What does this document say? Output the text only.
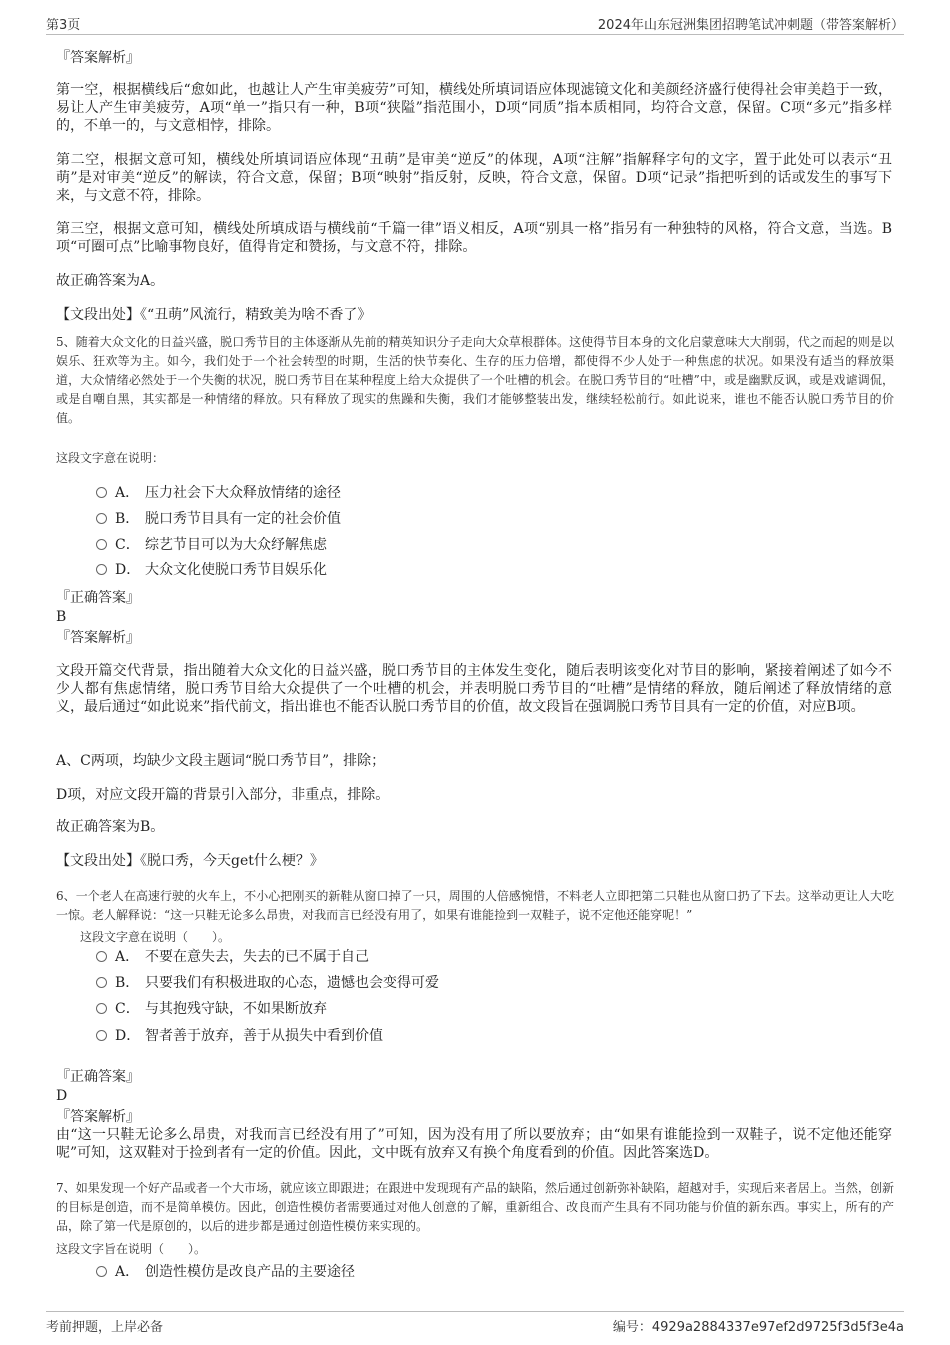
第3页	2024年山东冠洲集团招聘笔试冲刺题（带答案解析）
『答案解析』

第一空，根据横线后“愈如此，也越让人产生审美疲劳”可知，横线处所填词语应体现滤镜文化和美颜经济盛行使得社会审美趋于一致，易让人产生审美疲劳，A项“单一”指只有一种，B项“狭隘”指范围小，D项“同质”指本质相同，均符合文意，保留。C项“多元”指多样的，不单一的，与文意相悖，排除。

第二空，根据文意可知，横线处所填词语应体现“丑萌”是审美“逆反”的体现，A项“注解”指解释字句的文字，置于此处可以表示“丑萌”是对审美“逆反”的解读，符合文意，保留；B项“映射”指反射，反映，符合文意，保留。D项“记录”指把听到的话或发生的事写下来，与文意不符，排除。

第三空，根据文意可知，横线处所填成语与横线前“千篇一律”语义相反，A项“别具一格”指另有一种独特的风格，符合文意，当选。B项“可圈可点”比喻事物良好，值得肯定和赞扬，与文意不符，排除。

故正确答案为A。

【文段出处】《“丑萌”风流行，精致美为啥不香了》

5、随着大众文化的日益兴盛，脱口秀节目的主体逐渐从先前的精英知识分子走向大众草根群体。这使得节目本身的文化启蒙意味大大削弱，代之而起的则是以娱乐、狂欢等为主。如今，我们处于一个社会转型的时期，生活的快节奏化、生存的压力倍增，都使得不少人处于一种焦虑的状况。如果没有适当的释放渠道，大众情绪必然处于一个失衡的状况，脱口秀节目在某种程度上给大众提供了一个吐槽的机会。在脱口秀节目的“吐槽”中，或是幽默反讽，或是戏谑调侃，或是自嘲自黑，其实都是一种情绪的释放。只有释放了现实的焦躁和失衡，我们才能够整装出发，继续轻松前行。如此说来，谁也不能否认脱口秀节目的价值。

这段文字意在说明：

A． 压力社会下大众释放情绪的途径
B． 脱口秀节目具有一定的社会价值
C． 综艺节目可以为大众纾解焦虑
D． 大众文化使脱口秀节目娱乐化
『正确答案』
B
『答案解析』

文段开篇交代背景，指出随着大众文化的日益兴盛，脱口秀节目的主体发生变化，随后表明该变化对节目的影响，紧接着阐述了如今不少人都有焦虑情绪，脱口秀节目给大众提供了一个吐槽的机会，并表明脱口秀节目的“吐槽”是情绪的释放，随后阐述了释放情绪的意义，最后通过“如此说来”指代前文，指出谁也不能否认脱口秀节目的价值，故文段旨在强调脱口秀节目具有一定的价值，对应B项。

A、C两项，均缺少文段主题词“脱口秀节目”，排除；

D项，对应文段开篇的背景引入部分，非重点，排除。

故正确答案为B。

【文段出处】《脱口秀，今天get什么梗？》

6、一个老人在高速行驶的火车上，不小心把刚买的新鞋从窗口掉了一只，周围的人倍感惋惜，不料老人立即把第二只鞋也从窗口扔了下去。这举动更让人大吃一惊。老人解释说：“这一只鞋无论多么昂贵，对我而言已经没有用了，如果有谁能捡到一双鞋子，说不定他还能穿呢！”

这段文字意在说明（　　）。

A． 不要在意失去，失去的已不属于自己
B． 只要我们有积极进取的心态，遗憾也会变得可爱
C． 与其抱残守缺，不如果断放弃
D． 智者善于放弃，善于从损失中看到价值
『正确答案』
D
『答案解析』

由“这一只鞋无论多么昂贵，对我而言已经没有用了”可知，因为没有用了所以要放弃；由“如果有谁能捡到一双鞋子，说不定他还能穿呢”可知，这双鞋对于捡到者有一定的价值。因此，文中既有放弃又有换个角度看到的价值。因此答案选D。

7、如果发现一个好产品或者一个大市场，就应该立即跟进；在跟进中发现现有产品的缺陷，然后通过创新弥补缺陷，超越对手，实现后来者居上。当然，创新的目标是创造，而不是简单模仿。因此，创造性模仿者需要通过对他人创意的了解，重新组合、改良而产生具有不同功能与价值的新东西。事实上，所有的产品，除了第一代是原创的，以后的进步都是通过创造性模仿来实现的。

这段文字旨在说明（　　）。

A． 创造性模仿是改良产品的主要途径
考前押题，上岸必备	编号：4929a2884337e97ef2d9725f3d5f3e4a
